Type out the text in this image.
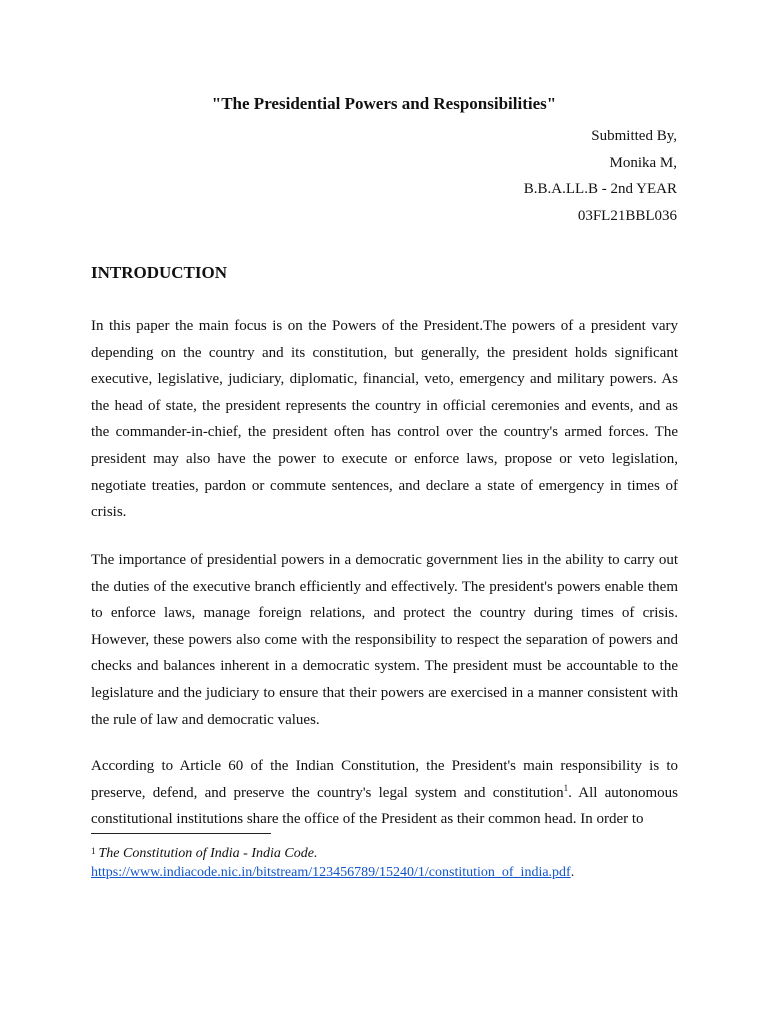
"The Presidential Powers and Responsibilities"
Submitted By,
Monika M,
B.B.A.LL.B - 2nd YEAR
03FL21BBL036
INTRODUCTION

In this paper the main focus is on the Powers of the President.The powers of a president vary depending on the country and its constitution, but generally, the president holds significant executive, legislative, judiciary, diplomatic, financial, veto, emergency and military powers. As the head of state, the president represents the country in official ceremonies and events, and as the commander-in-chief, the president often has control over the country's armed forces. The president may also have the power to execute or enforce laws, propose or veto legislation, negotiate treaties, pardon or commute sentences, and declare a state of emergency in times of crisis.

The importance of presidential powers in a democratic government lies in the ability to carry out the duties of the executive branch efficiently and effectively. The president's powers enable them to enforce laws, manage foreign relations, and protect the country during times of crisis. However, these powers also come with the responsibility to respect the separation of powers and checks and balances inherent in a democratic system. The president must be accountable to the legislature and the judiciary to ensure that their powers are exercised in a manner consistent with the rule of law and democratic values.

According to Article 60 of the Indian Constitution, the President's main responsibility is to preserve, defend, and preserve the country's legal system and constitution$^1$. All autonomous constitutional institutions share the office of the President as their common head. In order to

$^1$ The Constitution of India - India Code.
https://www.indiacode.nic.in/bitstream/123456789/15240/1/constitution_of_india.pdf.
